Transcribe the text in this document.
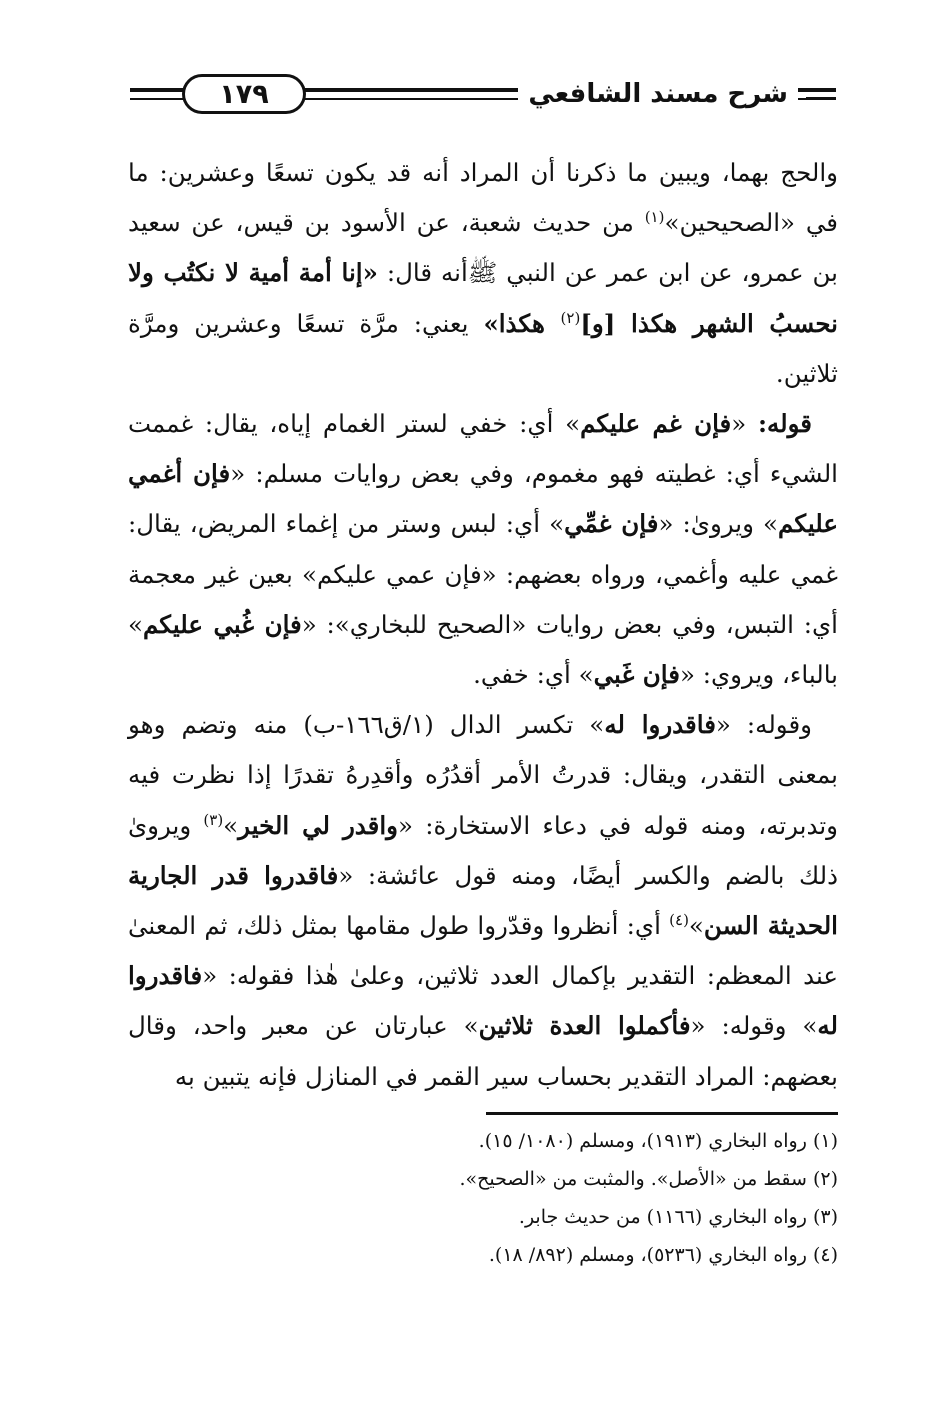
شرح مسند الشافعي
١٧٩

والحج بهما، ويبين ما ذكرنا أن المراد أنه قد يكون تسعًا وعشرين: ما في «الصحيحين»$^{(١)}$ من حديث شعبة، عن الأسود بن قيس، عن سعيد بن عمرو، عن ابن عمر عن النبي ﷺأنه قال: «إنا أمة أمية لا نكتُب ولا نحسبُ الشهر هكذا [و]$^{(٢)}$ هكذا» يعني: مرَّة تسعًا وعشرين ومرَّة ثلاثين.

قوله: «فإن غم عليكم» أي: خفي لستر الغمام إياه، يقال: غممت الشيء أي: غطيته فهو مغموم، وفي بعض روايات مسلم: «فإن أغمي عليكم» ويروىٰ: «فإن غمِّي» أي: لبس وستر من إغماء المريض، يقال: غمي عليه وأغمي، ورواه بعضهم: «فإن عمي عليكم» بعين غير معجمة أي: التبس، وفي بعض روايات «الصحيح للبخاري»: «فإن غُبي عليكم» بالباء، ويروي: «فإن غَبي» أي: خفي.

وقوله: «فاقدروا له» تكسر الدال (١/ق١٦٦-ب) منه وتضم وهو بمعنى التقدر، ويقال: قدرتُ الأمر أقدُرُه وأقدِرهُ تقدرًا إذا نظرت فيه وتدبرته، ومنه قوله في دعاء الاستخارة: «واقدر لي الخير»$^{(٣)}$ ويروىٰ ذلك بالضم والكسر أيضًا، ومنه قول عائشة: «فاقدروا قدر الجارية الحديثة السن»$^{(٤)}$ أي: أنظروا وقدّروا طول مقامها بمثل ذلك، ثم المعنىٰ عند المعظم: التقدير بإكمال العدد ثلاثين، وعلىٰ هٰذا فقوله: «فاقدروا له» وقوله: «فأكملوا العدة ثلاثين» عبارتان عن معبر واحد، وقال بعضهم: المراد التقدير بحساب سير القمر في المنازل فإنه يتبين به

(١) رواه البخاري (١٩١٣)، ومسلم (١٠٨٠/ ١٥).
(٢) سقط من «الأصل». والمثبت من «الصحيح».
(٣) رواه البخاري (١١٦٦) من حديث جابر.
(٤) رواه البخاري (٥٢٣٦)، ومسلم (٨٩٢/ ١٨).
